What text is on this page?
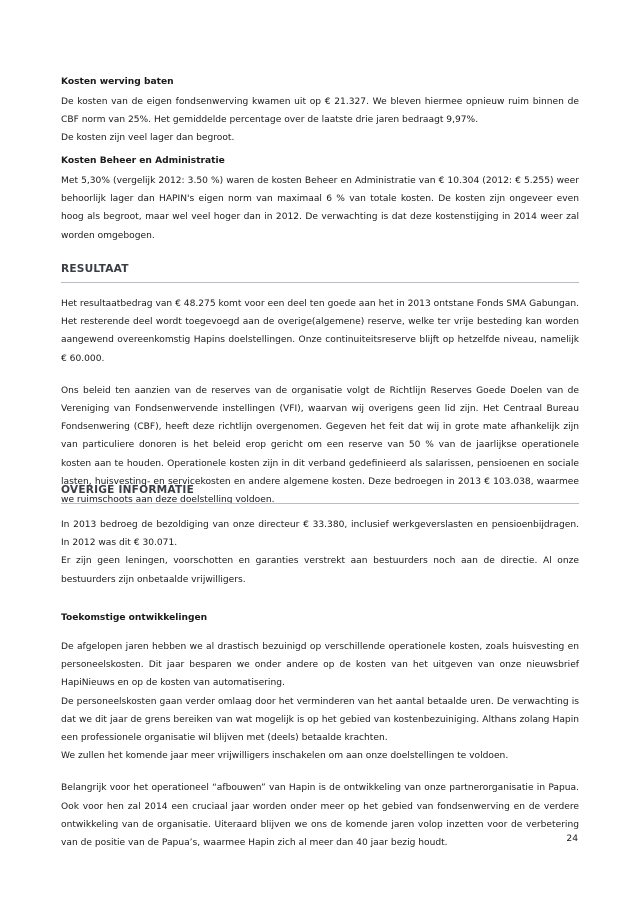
Kosten werving baten

De kosten van de eigen fondsenwerving kwamen uit op € 21.327. We bleven hiermee opnieuw ruim binnen de CBF norm van 25%. Het gemiddelde percentage over de laatste drie jaren bedraagt 9,97%.

De kosten zijn veel lager dan begroot.

Kosten Beheer en Administratie

Met 5,30% (vergelijk 2012: 3.50 %) waren de kosten Beheer en Administratie van € 10.304 (2012: € 5.255) weer behoorlijk lager dan HAPIN's eigen norm van maximaal 6 % van totale kosten. De kosten zijn ongeveer even hoog als begroot, maar wel veel hoger dan in 2012. De verwachting is dat deze kostenstijging in 2014 weer zal worden omgebogen.

RESULTAAT

Het resultaatbedrag van € 48.275 komt voor een deel ten goede aan het in 2013 ontstane Fonds SMA Gabungan. Het resterende deel wordt toegevoegd aan de overige(algemene) reserve, welke ter vrije besteding kan worden aangewend overeenkomstig Hapins doelstellingen. Onze continuiteitsreserve blijft op hetzelfde niveau, namelijk € 60.000.

Ons beleid ten aanzien van de reserves van de organisatie volgt de Richtlijn Reserves Goede Doelen van de Vereniging van Fondsenwervende instellingen (VFI), waarvan wij overigens geen lid zijn. Het Centraal Bureau Fondsenwering (CBF), heeft deze richtlijn overgenomen. Gegeven het feit dat wij in grote mate afhankelijk zijn van particuliere donoren is het beleid erop gericht om een reserve van 50 % van de jaarlijkse operationele kosten aan te houden. Operationele kosten zijn in dit verband gedefinieerd als salarissen, pensioenen en sociale lasten, huisvesting- en servicekosten en andere algemene kosten. Deze bedroegen in 2013 € 103.038, waarmee we ruimschoots aan deze doelstelling voldoen.

OVERIGE INFORMATIE

In 2013 bedroeg de bezoldiging van onze directeur € 33.380, inclusief werkgeverslasten en pensioenbijdragen. In 2012 was dit € 30.071.

Er zijn geen leningen, voorschotten en garanties verstrekt aan bestuurders noch aan de directie. Al onze bestuurders zijn onbetaalde vrijwilligers.

Toekomstige ontwikkelingen

De afgelopen jaren hebben we al drastisch bezuinigd op verschillende operationele kosten, zoals huisvesting en personeelskosten. Dit jaar besparen we onder andere op de kosten van het uitgeven van onze nieuwsbrief HapiNieuws en op de kosten van automatisering.

De personeelskosten gaan verder omlaag door het verminderen van het aantal betaalde uren. De verwachting is dat we dit jaar de grens bereiken van wat mogelijk is op het gebied van kostenbezuiniging. Althans zolang Hapin een professionele organisatie wil blijven met (deels) betaalde krachten.

We zullen het komende jaar meer vrijwilligers inschakelen om aan onze doelstellingen te voldoen.

Belangrijk voor het operationeel “afbouwen” van Hapin is de ontwikkeling van onze partnerorganisatie in Papua. Ook voor hen zal 2014 een cruciaal jaar worden onder meer op het gebied van fondsenwerving en de verdere ontwikkeling van de organisatie. Uiteraard blijven we ons de komende jaren volop inzetten voor de verbetering van de positie van de Papua’s, waarmee Hapin zich al meer dan 40 jaar bezig houdt.	24
